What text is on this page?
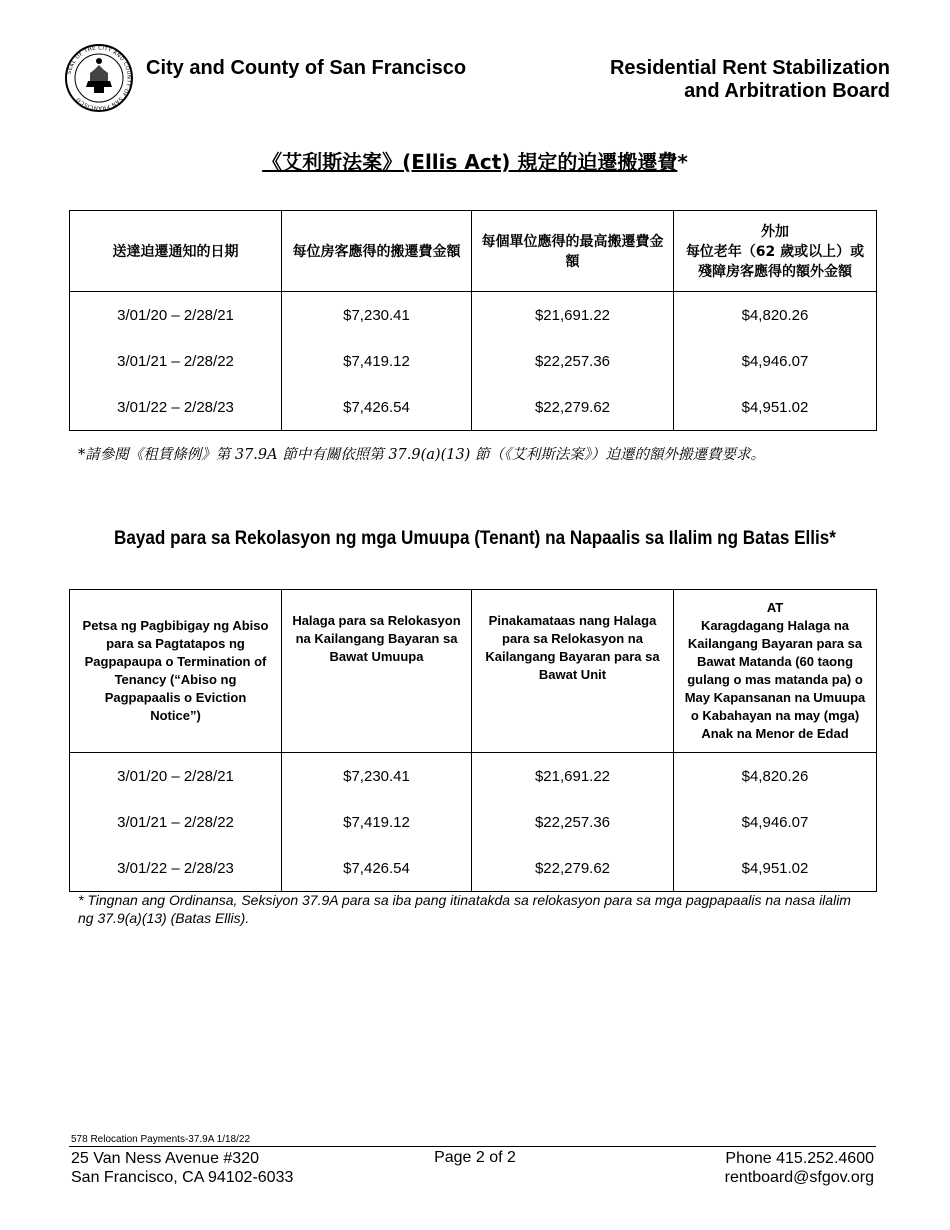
SEAL OF THE CITY AND COUNTY OF SAN FRANCISCO
City and County of San Francisco	Residential Rent Stabilization
and Arbitration Board
《艾利斯法案》(Ellis Act) 規定的迫遷搬遷費*
送達迫遷通知的日期	每位房客應得的搬遷費金額	每個單位應得的最高搬遷費金額	外加
每位老年（62 歲或以上）或殘障房客應得的額外金額
3/01/20 – 2/28/21	$7,230.41	$21,691.22	$4,820.26
3/01/21 – 2/28/22	$7,419.12	$22,257.36	$4,946.07
3/01/22 – 2/28/23	$7,426.54	$22,279.62	$4,951.02
*請參閱《租賃條例》第 37.9A 節中有關依照第 37.9(a)(13) 節（《艾利斯法案》）迫遷的額外搬遷費要求。
Bayad para sa Rekolasyon ng mga Umuupa (Tenant) na Napaalis sa Ilalim ng Batas Ellis*
Petsa ng Pagbibigay ng Abiso para sa Pagtatapos ng Pagpapaupa o Termination of Tenancy (“Abiso ng Pagpapaalis o Eviction Notice”)	Halaga para sa Relokasyon na Kailangang Bayaran sa Bawat Umuupa	Pinakamataas nang Halaga para sa Relokasyon na Kailangang Bayaran para sa Bawat Unit	AT
Karagdagang Halaga na Kailangang Bayaran para sa Bawat Matanda (60 taong gulang o mas matanda pa) o May Kapansanan na Umuupa o Kabahayan na may (mga) Anak na Menor de Edad
3/01/20 – 2/28/21	$7,230.41	$21,691.22	$4,820.26
3/01/21 – 2/28/22	$7,419.12	$22,257.36	$4,946.07
3/01/22 – 2/28/23	$7,426.54	$22,279.62	$4,951.02
* Tingnan ang Ordinansa, Seksiyon 37.9A para sa iba pang itinatakda sa relokasyon para sa mga pagpapaalis na nasa ilalim ng 37.9(a)(13) (Batas Ellis).
578 Relocation Payments-37.9A 1/18/22
25 Van Ness Avenue #320
San Francisco, CA 94102-6033
Page 2 of 2	Phone 415.252.4600
rentboard@sfgov.org
